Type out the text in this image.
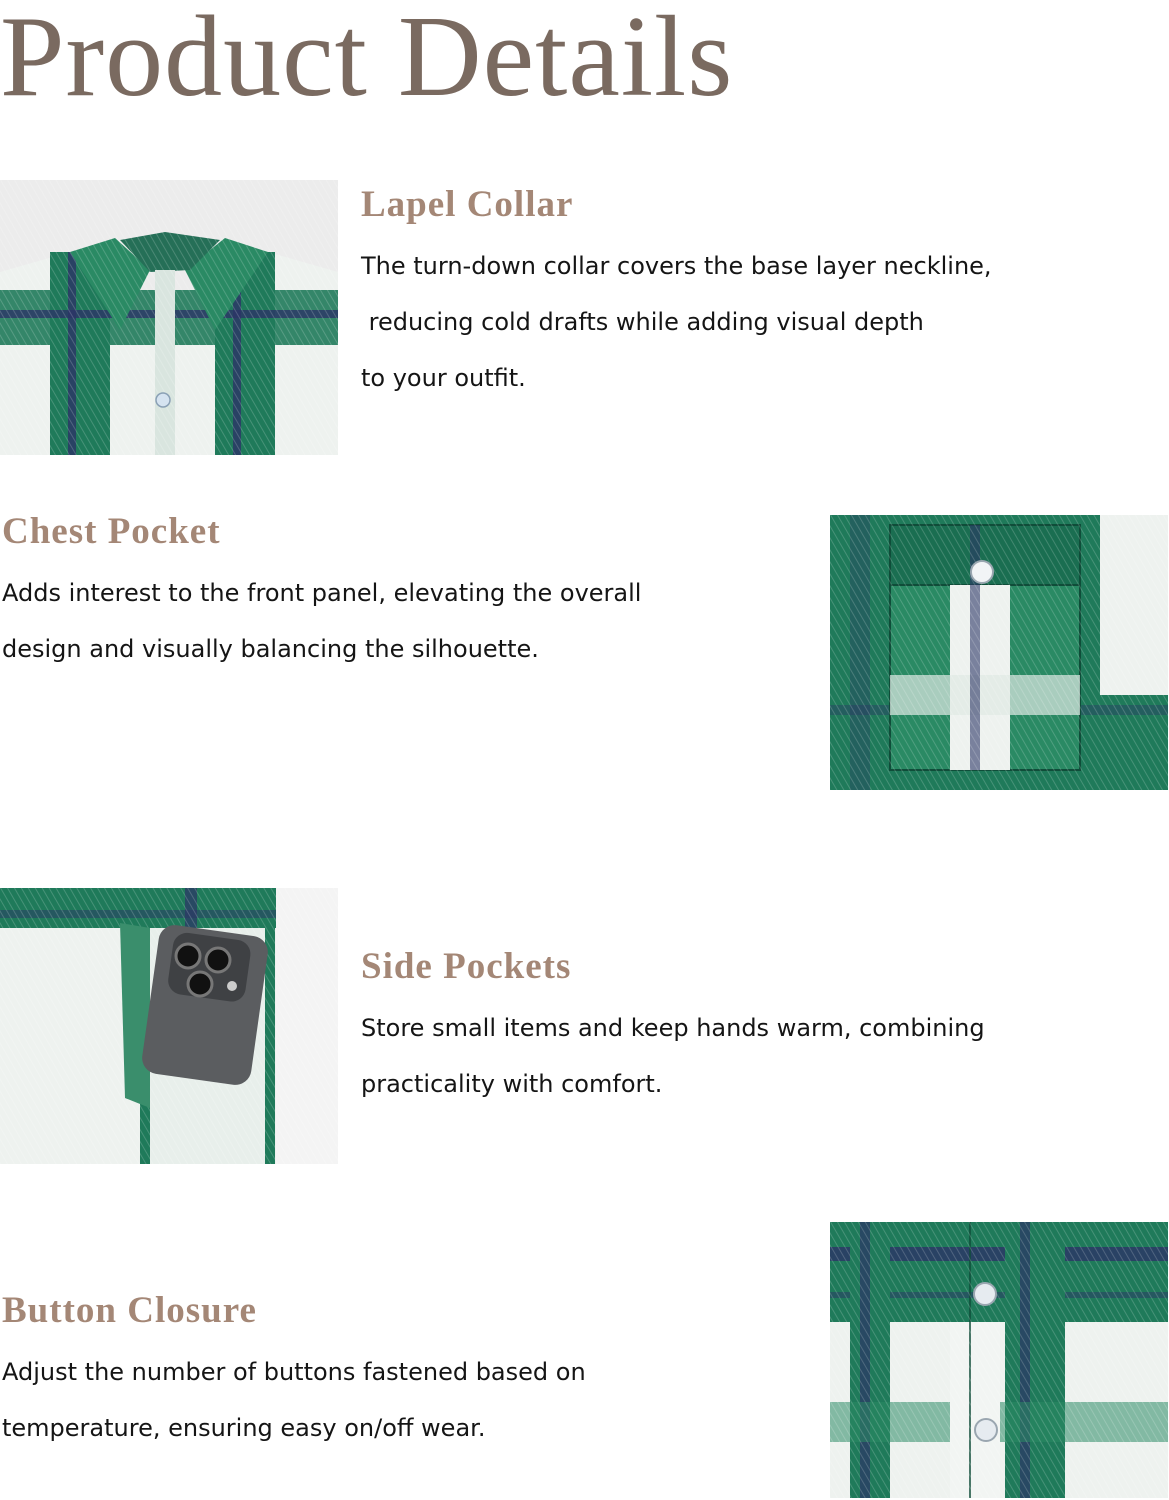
Product Details
Lapel Collar
The turn-down collar covers the base layer neckline,
reducing cold drafts while adding visual depth
to your outfit.
Chest Pocket
Adds interest to the front panel, elevating the overall
design and visually balancing the silhouette.
Side Pockets
Store small items and keep hands warm, combining
practicality with comfort.
Button Closure
Adjust the number of buttons fastened based on
temperature, ensuring easy on/off wear.
